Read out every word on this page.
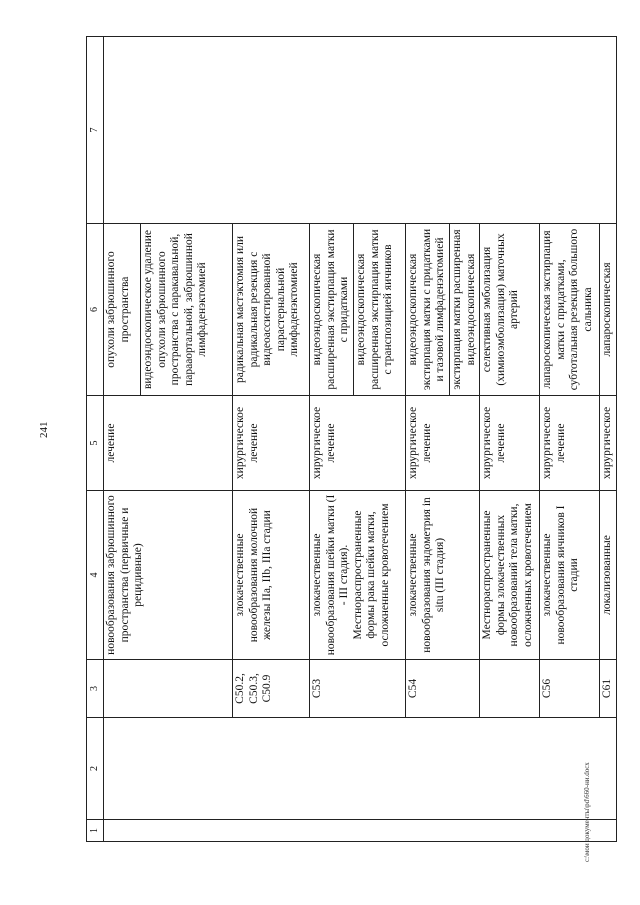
241
1	2	3	4	5	6	7
			новообразования забрюшинного пространства (первичные и рецидивные)	лечение	опухоли забрюшинного пространства	
					видеоэндоскопическое удаление опухоли забрюшинного пространства с паракавальной, парааортальной, забрюшинной лимфаденэктомией	
		С50.2, С50.3, С50.9	злокачественные новообразования молочной железы IIa, IIb, IIIa стадии	хирургическое лечение	радикальная мастэктомия или радикальная резекция с видеоассистированной парастернальной лимфаденэктомией	
		С53	злокачественные новообразования шейки матки (I - III стадия). Местнораспространенные формы рака шейки матки, осложненные кровотечением	хирургическое лечение	видеоэндоскопическая расширенная экстирпация матки с придатками	
					видеоэндоскопическая расширенная экстирпация матки с транспозицией яичников	
		С54	злокачественные новообразования эндометрия in situ (III стадия)	хирургическое лечение	видеоэндоскопическая экстирпация матки с придатками и тазовой лимфаденэктомией	
					экстирпация матки расширенная видеоэндоскопическая	
			Местнораспространенные формы злокачественных новообразований тела матки, осложненных кровотечением	хирургическое лечение	селективная эмболизация (химиоэмболизация) маточных артерий	
		С56	злокачественные новообразования яичников I стадии	хирургическое лечение	лапароскопическая экстирпация матки с придатками, субтотальная резекция большого сальника	
		С61	локализованные	хирургическое	лапароскопическая	
c:\мои документы\pd\660-ни.docx
